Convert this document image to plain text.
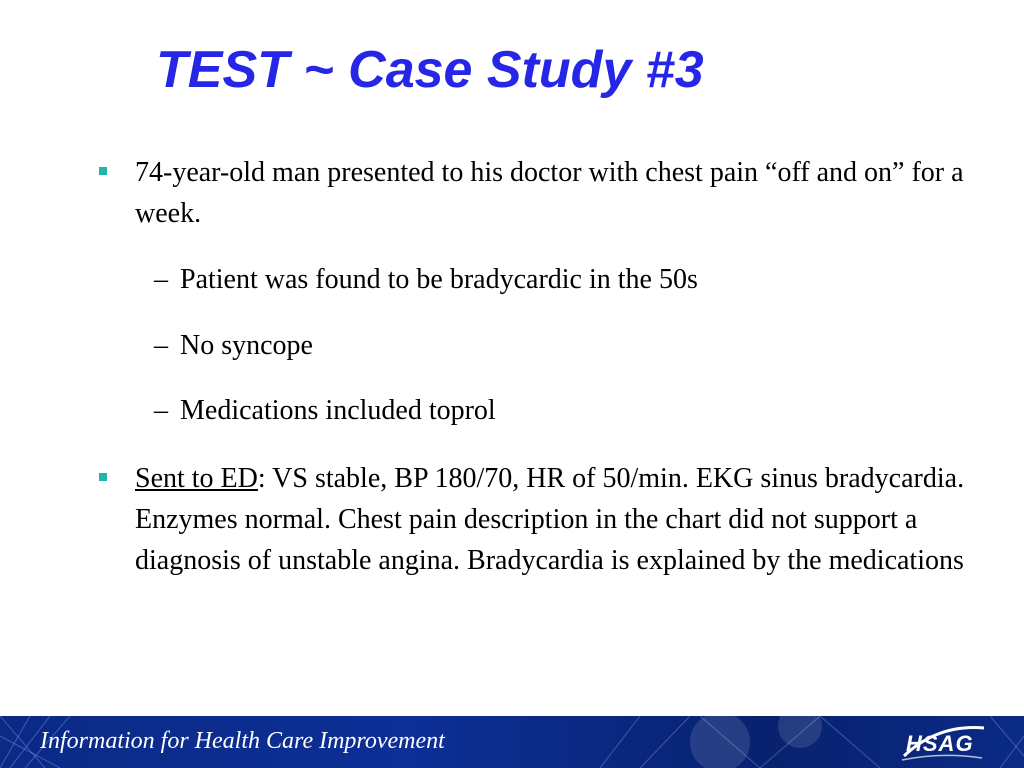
TEST ~ Case Study #3
74-year-old man presented to his doctor with chest pain “off and on” for a week.
– Patient was found to be bradycardic in the 50s
– No syncope
– Medications included toprol
Sent to ED: VS stable, BP 180/70, HR of 50/min. EKG sinus bradycardia. Enzymes normal. Chest pain description in the chart did not support a diagnosis of unstable angina. Bradycardia is explained by the medications
Information for Health Care Improvement	HSAG
